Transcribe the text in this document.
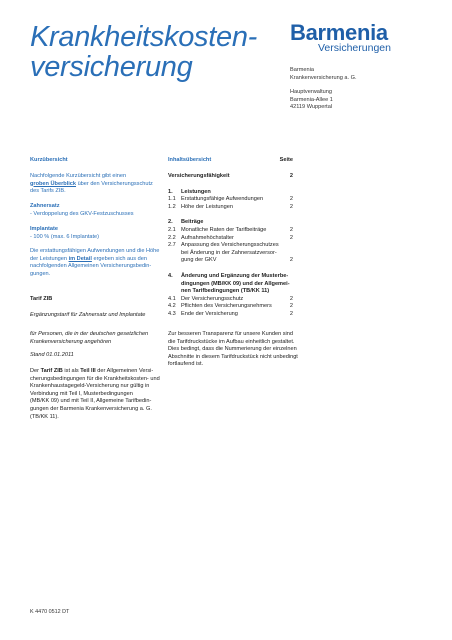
Krankheitskosten-
versicherung
Barmenia
Versicherungen
Barmenia
Krankenversicherung a. G.
Hauptverwaltung
Barmenia-Allee 1
42119 Wuppertal
Kurzübersicht
Nachfolgende Kurzübersicht gibt einen
groben Überblick über den Versicherungsschutz
des Tarifs ZIB.
Zahnersatz
- Verdoppelung des GKV-Festzuschusses
Implantate
- 100 % (max. 6 Implantate)
Die erstattungsfähigen Aufwendungen und die Höhe
der Leistungen im Detail ergeben sich aus den
nachfolgenden Allgemeinen Versicherungsbedin-
gungen.
Tarif ZIB
Ergänzungstarif für Zahnersatz und Implantate
für Personen, die in der deutschen gesetzlichen
Krankenversicherung angehören
Stand 01.01.2011
Der Tarif ZIB ist als Teil III der Allgemeinen Versi-
cherungsbedingungen für die Krankheitskosten- und
Krankenhaustagegeld-Versicherung nur gültig in
Verbindung mit Teil I, Musterbedingungen
(MB/KK 09) und mit Teil II, Allgemeine Tarifbedin-
gungen der Barmenia Krankenversicherung a. G.
(TB/KK 11).
Inhaltsübersicht	Seite
Versicherungsfähigkeit	2
1. Leistungen
1.1 Erstattungsfähige Aufwendungen	2
1.2 Höhe der Leistungen	2
2. Beiträge
2.1 Monatliche Raten der Tarifbeiträge	2
2.2 Aufnahmehöchstalter	2
2.7 Anpassung des Versicherungsschutzes
bei Änderung in der Zahnersatzversor-
gung der GKV	2
4. Änderung und Ergänzung der Musterbe-
dingungen (MB/KK 09) und der Allgemei-
nen Tarifbedingungen (TB/KK 11)
4.1 Der Versicherungsschutz	2
4.2 Pflichten des Versicherungsnehmers	2
4.3 Ende der Versicherung	2
Zur besseren Transparenz für unsere Kunden sind
die Tarifdruckstücke im Aufbau einheitlich gestaltet.
Dies bedingt, dass die Nummerierung der einzelnen
Abschnitte in diesem Tarifdruckstück nicht unbedingt
fortlaufend ist.
K 4470 0512 DT
